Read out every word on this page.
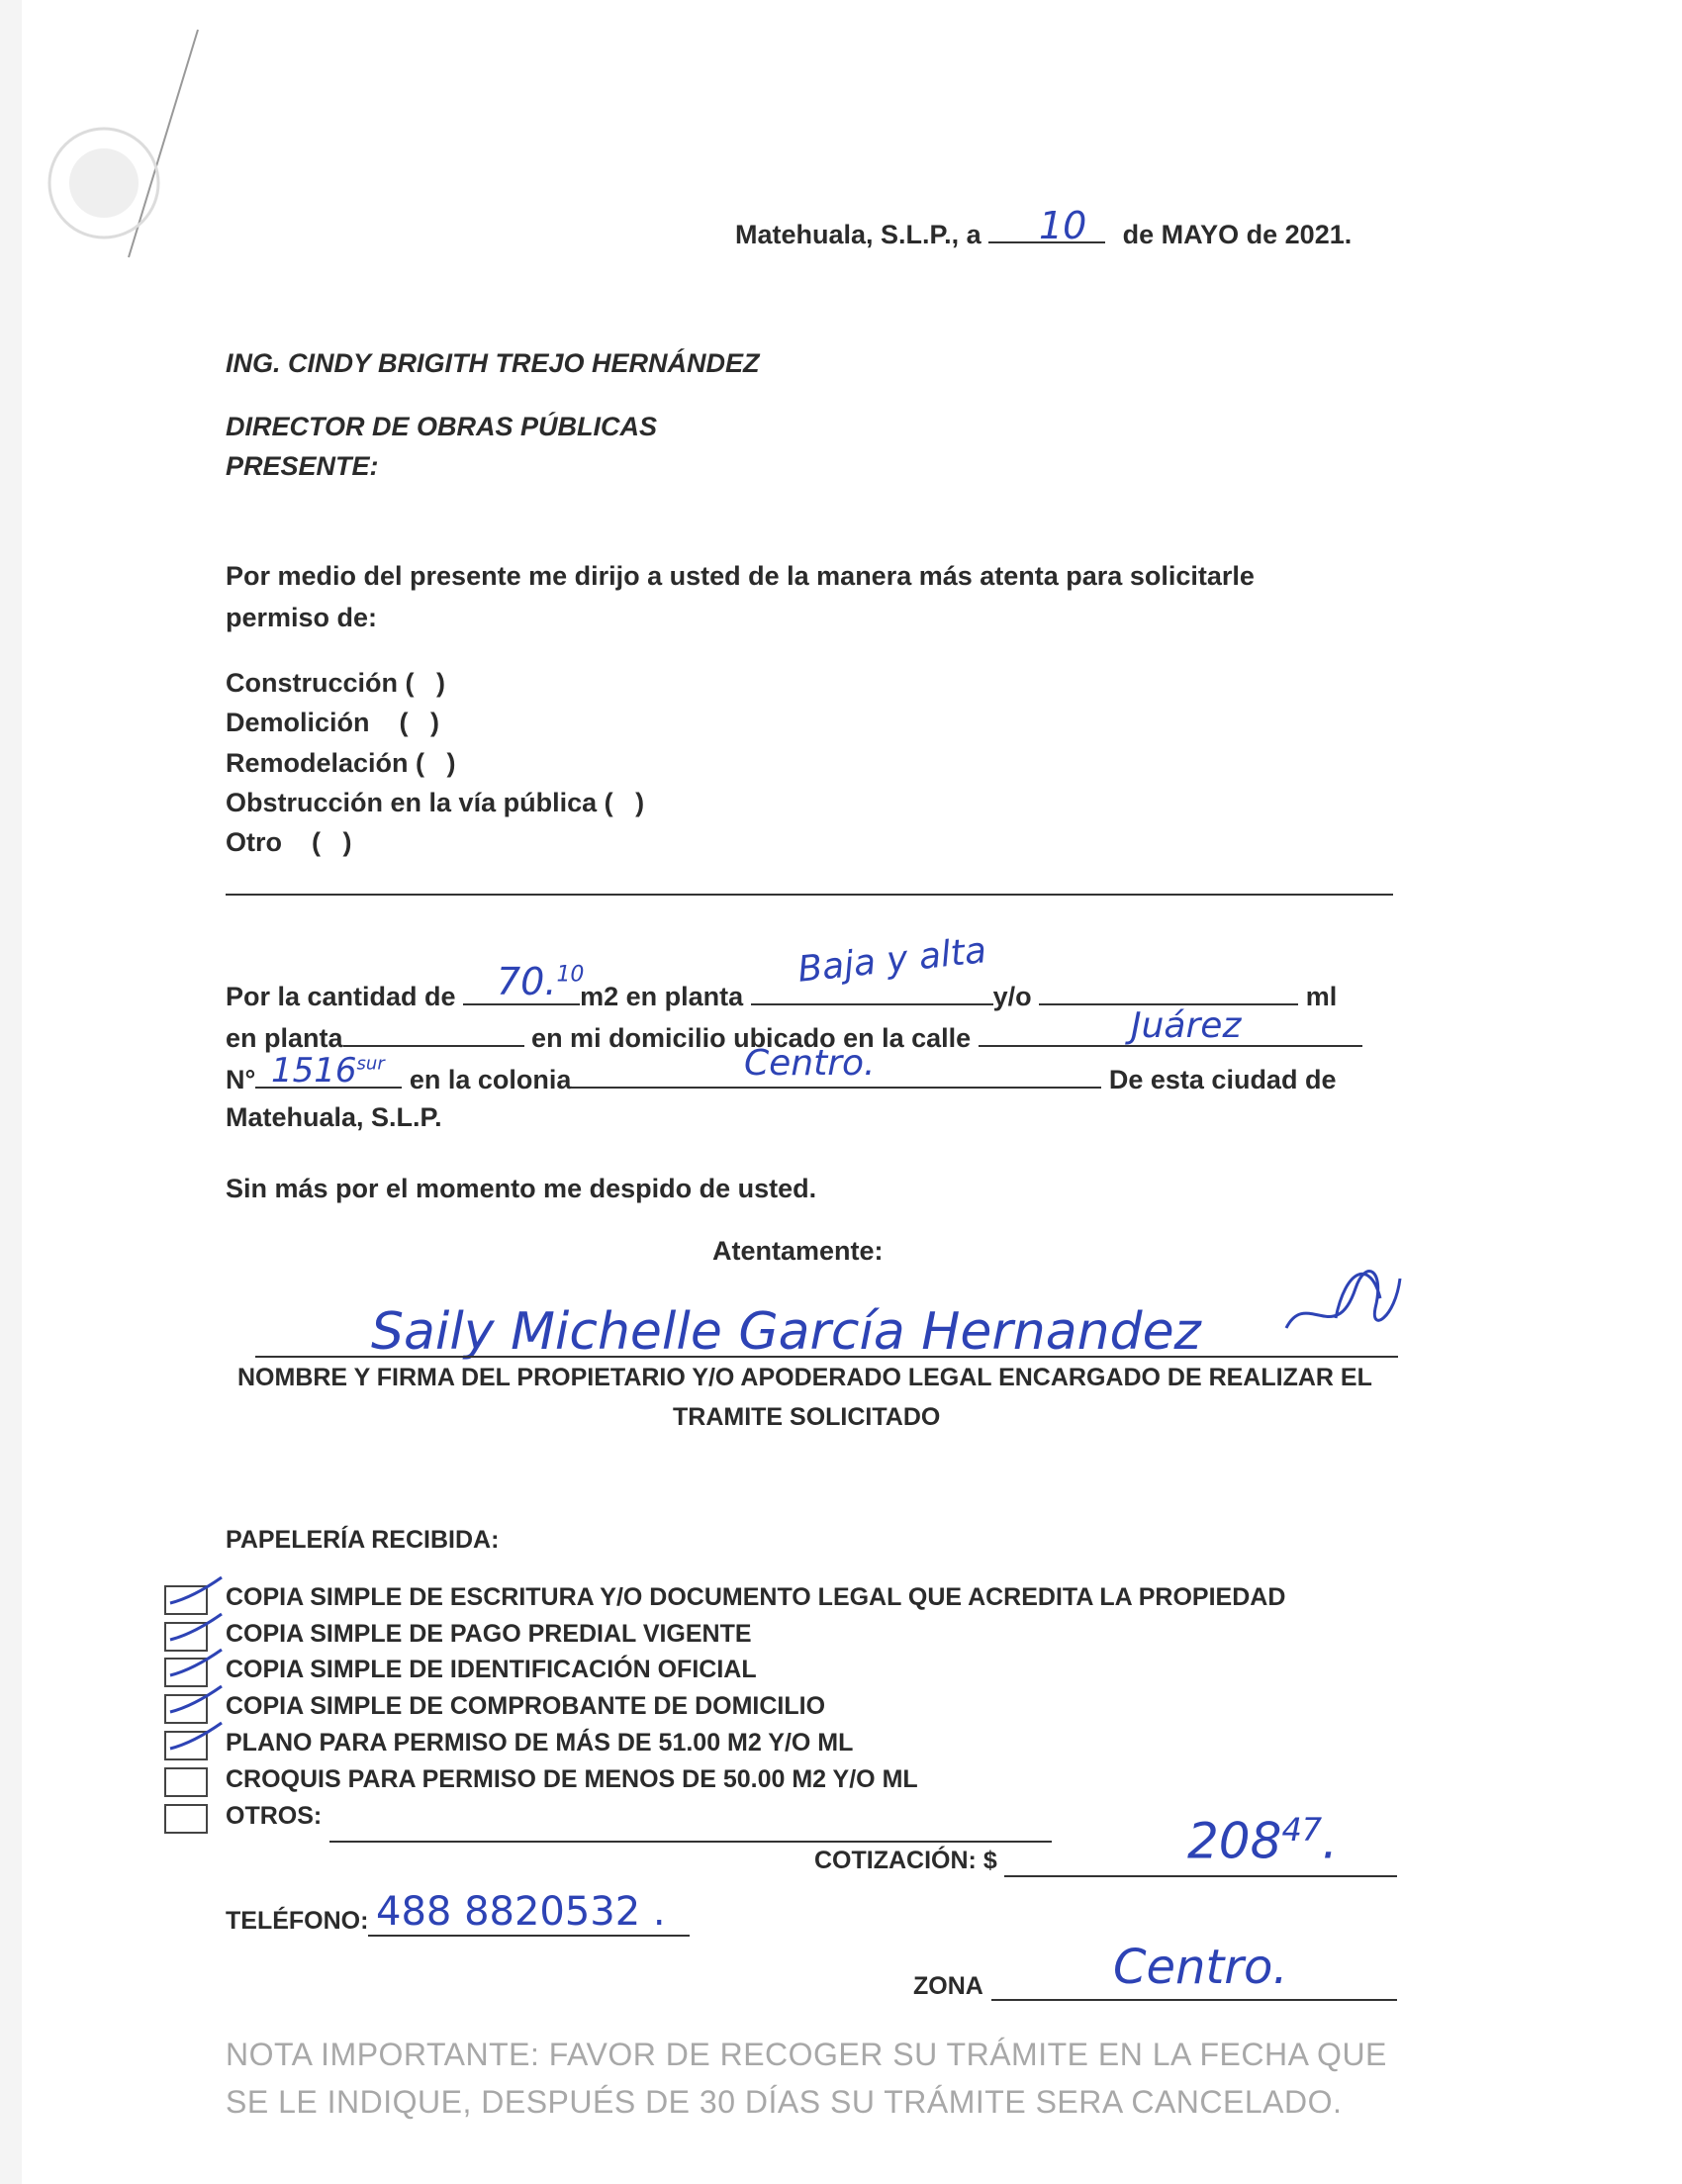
Matehuala, S.L.P., a	de MAYO de 2021.
10
ING. CINDY BRIGITH TREJO HERNÁNDEZ
DIRECTOR DE OBRAS PÚBLICAS
PRESENTE:
Por medio del presente me dirijo a usted de la manera más atenta para solicitarle
permiso de:
Construcción (   )
Demolición    (   )
Remodelación (   )
Obstrucción en la vía pública (   )
Otro    (   )
Por la cantidad de	m2 en planta	y/o	ml
70.10	Baja y alta
en planta	en mi domicilio ubicado en la calle	Juárez
N°	en la colonia	De esta ciudad de
$1516^{sur}$	Centro.
Matehuala, S.L.P.
Sin más por el momento me despido de usted.
Atentamente:
Saily Michelle García Hernandez
NOMBRE Y FIRMA DEL PROPIETARIO Y/O APODERADO LEGAL ENCARGADO DE REALIZAR EL
TRAMITE SOLICITADO
PAPELERÍA RECIBIDA:
COPIA SIMPLE DE ESCRITURA Y/O DOCUMENTO LEGAL QUE ACREDITA LA PROPIEDAD
COPIA SIMPLE DE PAGO PREDIAL VIGENTE
COPIA SIMPLE DE IDENTIFICACIÓN OFICIAL
COPIA SIMPLE DE COMPROBANTE DE DOMICILIO
PLANO PARA PERMISO DE MÁS DE 51.00 M2 Y/O ML
CROQUIS PARA PERMISO DE MENOS DE 50.00 M2 Y/O ML
OTROS:
COTIZACIÓN: $	$208^{47}$.
TELÉFONO: 488 8820532 .
ZONA	Centro.
NOTA IMPORTANTE: FAVOR DE RECOGER SU TRÁMITE EN LA FECHA QUE
SE LE INDIQUE, DESPUÉS DE 30 DÍAS SU TRÁMITE SERA CANCELADO.
